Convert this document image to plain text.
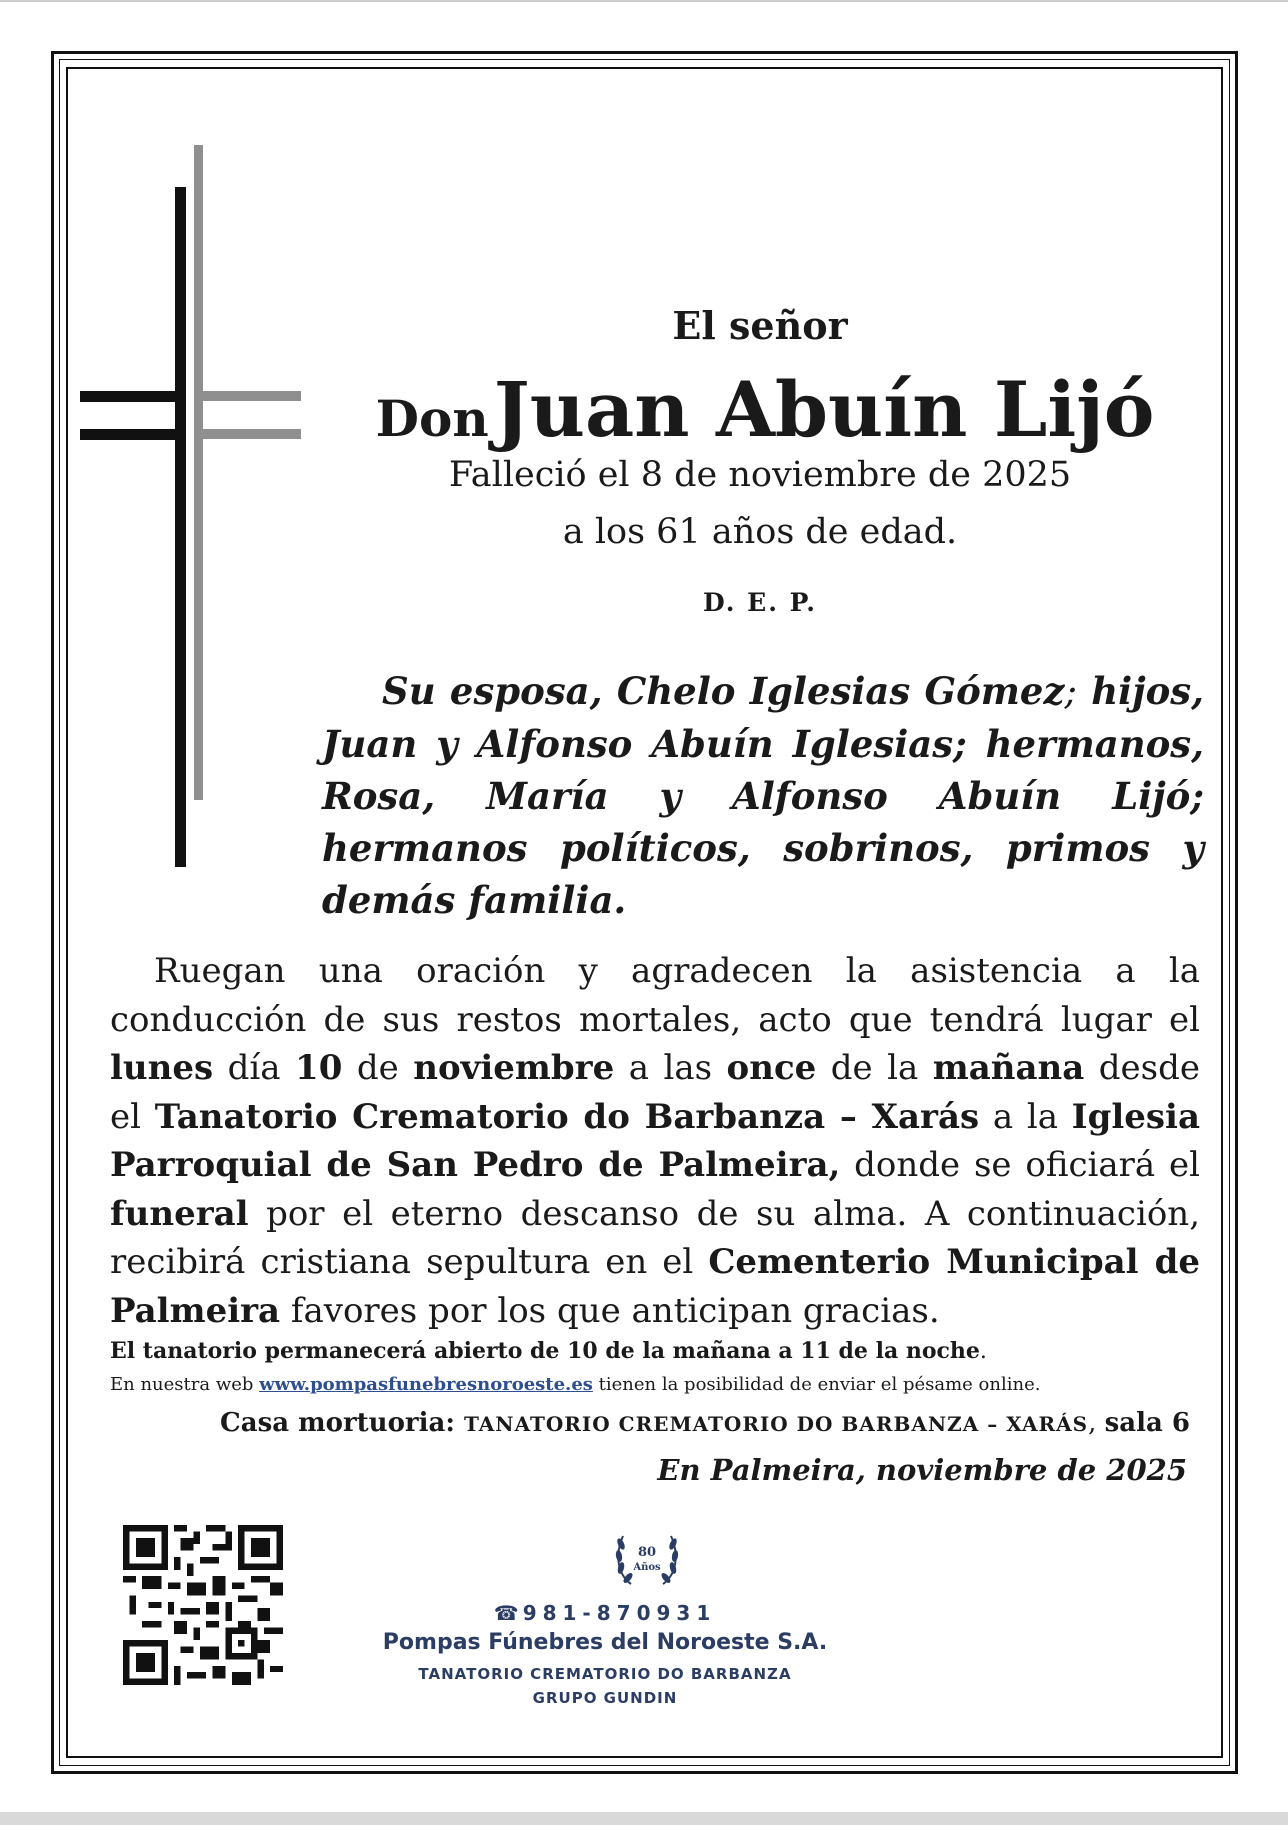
El señor
Don Juan Abuín Lijó
Falleció el 8 de noviembre de 2025
a los 61 años de edad.
D. E. P.
Su esposa, Chelo Iglesias Gómez; hijos, Juan y Alfonso Abuín Iglesias; hermanos, Rosa, María y Alfonso Abuín Lijó; hermanos políticos, sobrinos, primos y demás familia.
Ruegan una oración y agradecen la asistencia a la conducción de sus restos mortales, acto que tendrá lugar el lunes día 10 de noviembre a las once de la mañana desde el Tanatorio Crematorio do Barbanza – Xarás a la Iglesia Parroquial de San Pedro de Palmeira, donde se oficiará el funeral por el eterno descanso de su alma. A continuación, recibirá cristiana sepultura en el Cementerio Municipal de Palmeira favores por los que anticipan gracias.
El tanatorio permanecerá abierto de 10 de la mañana a 11 de la noche.
En nuestra web www.pompasfunebresnoroeste.es tienen la posibilidad de enviar el pésame online.
Casa mortuoria: TANATORIO CREMATORIO DO BARBANZA – XARÁS, sala 6
En Palmeira, noviembre de 2025
80
Años
☎ 981-870931
Pompas Fúnebres del Noroeste S.A.
TANATORIO CREMATORIO DO BARBANZA
GRUPO GUNDIN
